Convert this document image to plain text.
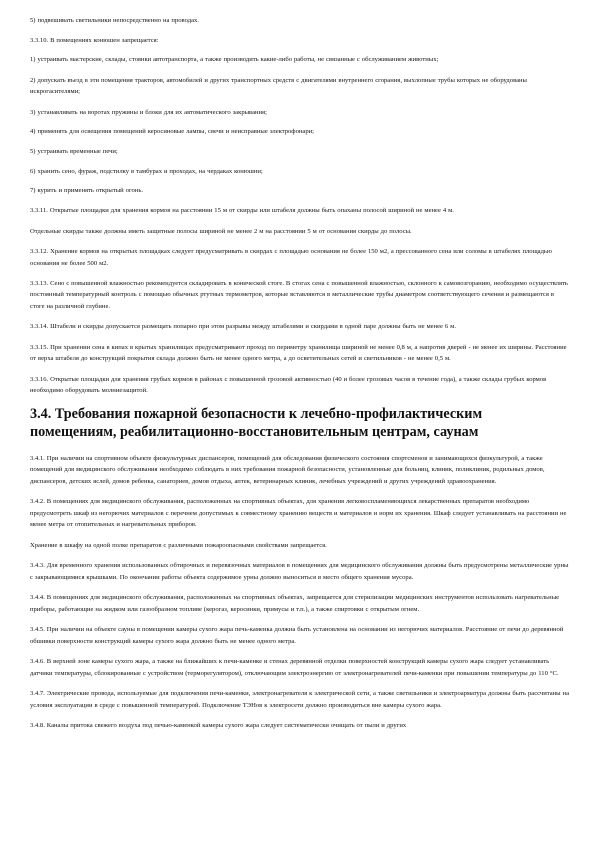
5) подвешивать светильники непосредственно на проводах.

3.3.10. В помещениях конюшен запрещается:

1) устраивать мастерские, склады, стоянки автотранспорта, а также производить какие-либо работы, не связанные с обслуживанием животных;

2) допускать въезд в эти помещения тракторов, автомобилей и других транспортных средств с двигателями внутреннего сгорания, выхлопные трубы которых не оборудованы искрогасителями;

3) устанавливать на воротах пружины и блоки для их автоматического закрывания;

4) применять для освещения помещений керосиновые лампы, свечи и неисправные электрофонари;

5) устраивать временные печи;

6) хранить сено, фураж, подстилку в тамбурах и проходах, на чердаках конюшни;

7) курить и применять открытый огонь.

3.3.11. Открытые площадки для хранения кормов на расстоянии 15 м от скирды или штабеля должны быть опаханы полосой шириной не менее 4 м.

Отдельные скирды также должны иметь защитные полосы шириной не менее 2 м на расстоянии 5 м от основания скирды до полосы.

3.3.12. Хранение кормов на открытых площадках следует предусматривать в скирдах с площадью основания не более 150 м2, а прессованного сена или соломы в штабелях площадью основания не более 500 м2.

3.3.13. Сено с повышенной влажностью рекомендуется складировать в конической стоге. В стогах сена с повышенной влажностью, склонного к самовозгоранию, необходимо осуществлять постоянный температурный контроль с помощью обычных ртутных термометров, которые вставляются в металлические трубы диаметром соответствующего сечения и размещаются в стоге на различной глубине.

3.3.14. Штабели и скирды допускается размещать попарно при этом разрывы между штабелями и скирдами в одной паре должны быть не менее 6 м.

3.3.15. При хранении сена в кипах в крытых хранилищах предусматривают проход по периметру хранилища шириной не менее 0,8 м, а напротив дверей - не менее их ширины. Расстояние от верха штабеля до конструкций покрытия склада должно быть не менее одного метра, а до осветительных сетей и светильников - не менее 0,5 м.

3.3.16. Открытые площадки для хранения грубых кормов в районах с повышенной грозовой активностью (40 и более грозовых часов в течение года), а также склады грубых кормов необходимо оборудовать молниезащитой.

3.4. Требования пожарной безопасности к лечебно-профилактическим помещениям, реабилитационно-восстановительным центрам, саунам

3.4.1. При наличии на спортивном объекте физкультурных диспансеров, помещений для обследования физического состояния спортсменов и занимающихся физкультурой, а также помещений для медицинского обслуживания необходимо соблюдать в них требования пожарной безопасности, установленные для больниц, клиник, поликлиник, родильных домов, диспансеров, детских яслей, домов ребенка, санаториев, домов отдыха, аптек, ветеринарных клиник, лечебных учреждений и других учреждений здравоохранения.

3.4.2. В помещениях для медицинского обслуживания, расположенных на спортивных объектах, для хранения легковоспламеняющихся лекарственных препаратов необходимо предусмотреть шкаф из негорючих материалов с перечнем допустимых к совместному хранению веществ и материалов и норм их хранения. Шкаф следует устанавливать на расстоянии не менее метра от отопительных и нагревательных приборов.

Хранение в шкафу на одной полке препаратов с различными пожароопасными свойствами запрещается.

3.4.3. Для временного хранения использованных обтирочных и перевязочных материалов в помещениях для медицинского обслуживания должны быть предусмотрены металлические урны с закрывающимися крышками. По окончании работы объекта содержимое урны должно выноситься в место общего хранения мусора.

3.4.4. В помещениях для медицинского обслуживания, расположенных на спортивных объектах, запрещается для стерилизации медицинских инструментов использовать нагревательные приборы, работающие на жидком или газообразном топливе (керогаз, керосинки, примусы и т.п.), а также спиртовки с открытым огнем.

3.4.5. При наличии на объекте сауны в помещении камеры сухого жара печь-каменка должна быть установлена на основании из негорючих материалов. Расстояние от печи до деревянной обшивки поверхности конструкций камеры сухого жара должно быть не менее одного метра.

3.4.6. В верхней зоне камеры сухого жара, а также на ближайших к печи-каменке и стенах деревянной отделки поверхностей конструкций камеры сухого жара следует устанавливать датчики температуры, сблокированные с устройством (терморегулятором), отключающим электроэнергию от электронагревателей печи-каменки при повышении температуры до 110 °С.

3.4.7. Электрические провода, используемые для подключения печи-каменки, электронагревателя к электрической сети, а также светильники и электроарматура должны быть рассчитаны на условия эксплуатации в среде с повышенной температурой. Подключение ТЭНов к электросети должно производиться вне камеры сухого жара.

3.4.8. Каналы притока свежего воздуха под печью-каменкой камеры сухого жара следует систематически очищать от пыли и других
